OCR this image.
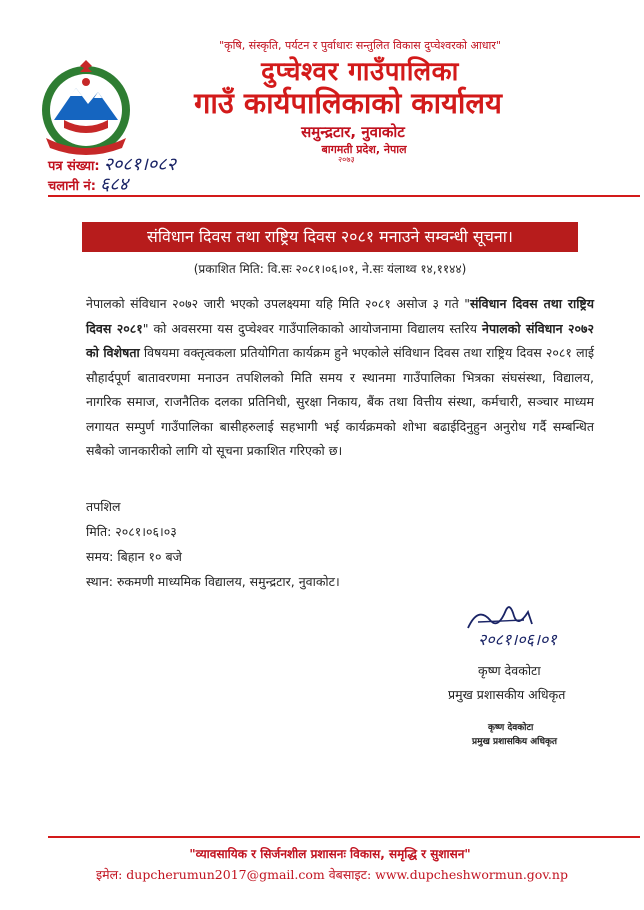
"कृषि, संस्कृति, पर्यटन र पुर्वाधारः सन्तुलित विकास दुप्चेश्वरको आधार"
दुप्चेश्वर गाउँपालिका
गाउँ कार्यपालिकाको कार्यालय
समुन्द्रटार, नुवाकोट
बागमती प्रदेश, नेपाल
२०७३
पत्र संख्या: २०८१।०८२
चलानी नं: ६८४
संविधान दिवस तथा राष्ट्रिय दिवस २०८१ मनाउने सम्वन्धी सूचना।
(प्रकाशित मिति: वि.सः २०८१।०६।०१, ने.सः यंलाथ्व १४,११४४)
नेपालको संविधान २०७२ जारी भएको उपलक्ष्यमा यहि मिति २०८१ असोज ३ गते "संविधान दिवस तथा राष्ट्रिय दिवस २०८१" को अवसरमा यस दुप्चेश्वर गाउँपालिकाको आयोजनामा विद्यालय स्तरिय नेपालको संविधान २०७२ को विशेषता विषयमा वक्तृत्वकला प्रतियोगिता कार्यक्रम हुने भएकोले संविधान दिवस तथा राष्ट्रिय दिवस २०८१ लाई सौहार्दपूर्ण बातावरणमा मनाउन तपशिलको मिति समय र स्थानमा गाउँपालिका भित्रका संघसंस्था, विद्यालय, नागरिक समाज, राजनैतिक दलका प्रतिनिधी, सुरक्षा निकाय, बैंक तथा वित्तीय संस्था, कर्मचारी, सञ्चार माध्यम लगायत सम्पुर्ण गाउँपालिका बासीहरुलाई सहभागी भई कार्यक्रमको शोभा बढाईदिनुहुन अनुरोध गर्दै सम्बन्धित सबैको जानकारीको लागि यो सूचना प्रकाशित गरिएको छ।
तपशिल
मिति: २०८१।०६।०३
समय: बिहान १० बजे
स्थान: रुकमणी माध्यमिक विद्यालय, समुन्द्रटार, नुवाकोट।
२०८१।०६।०१
कृष्ण देवकोटा
प्रमुख प्रशासकीय अधिकृत
कृष्ण देवकोटा
प्रमुख प्रशासकिय अधिकृत
"व्यावसायिक र सिर्जनशील प्रशासनः विकास, समृद्धि र सुशासन"
इमेल: dupcherumun2017@gmail.com वेबसाइट: www.dupcheshwormun.gov.np
